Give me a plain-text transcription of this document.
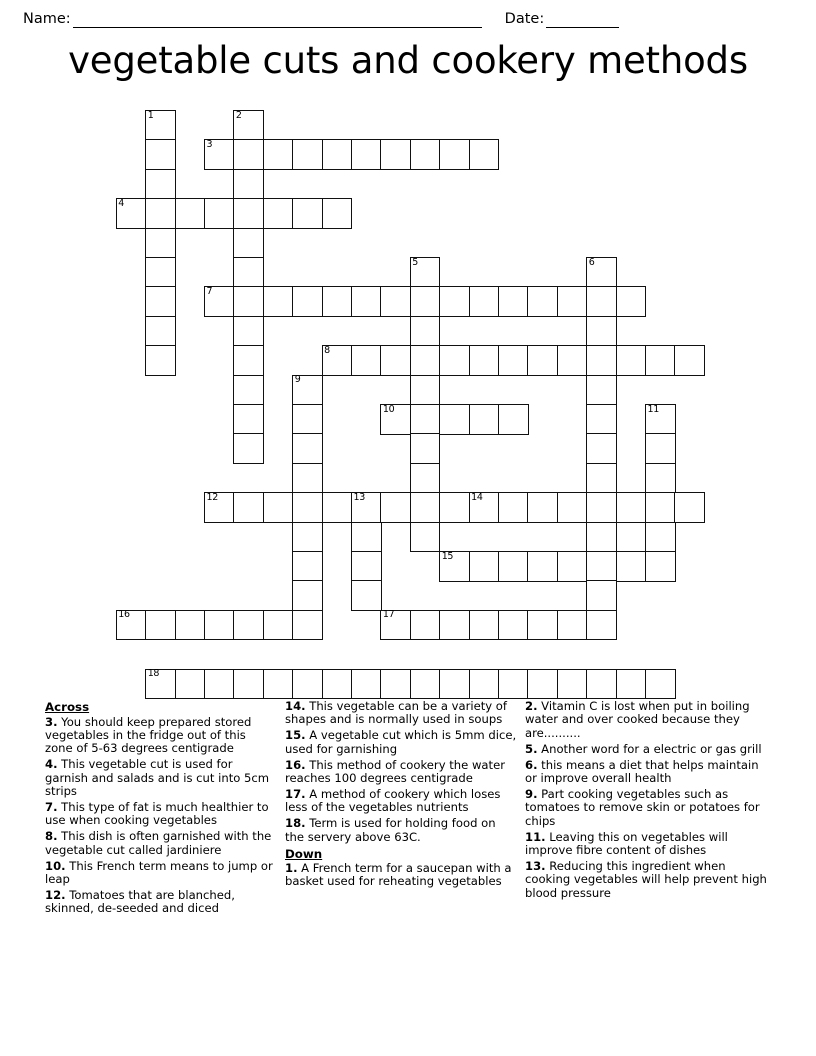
Name:	Date:
vegetable cuts and cookery methods
1	2
3
4
5	6
7
8
9
10	11
12	13	14
15
16	17
18
Across
3. You should keep prepared stored vegetables in the fridge out of this zone of 5-63 degrees centigrade
4. This vegetable cut is used for garnish and salads and is cut into 5cm strips
7. This type of fat is much healthier to use when cooking vegetables
8. This dish is often garnished with the vegetable cut called jardiniere
10. This French term means to jump or leap
12. Tomatoes that are blanched, skinned, de-seeded and diced
14. This vegetable can be a variety of shapes and is normally used in soups
15. A vegetable cut which is 5mm dice, used for garnishing
16. This method of cookery the water reaches 100 degrees centigrade
17. A method of cookery which loses less of the vegetables nutrients
18. Term is used for holding food on the servery above 63C.
Down
1. A French term for a saucepan with a basket used for reheating vegetables
2. Vitamin C is lost when put in boiling water and over cooked because they are..........
5. Another word for a electric or gas grill
6. this means a diet that helps maintain or improve overall health
9. Part cooking vegetables such as tomatoes to remove skin or potatoes for chips
11. Leaving this on vegetables will improve fibre content of dishes
13. Reducing this ingredient when cooking vegetables will help prevent high blood pressure
